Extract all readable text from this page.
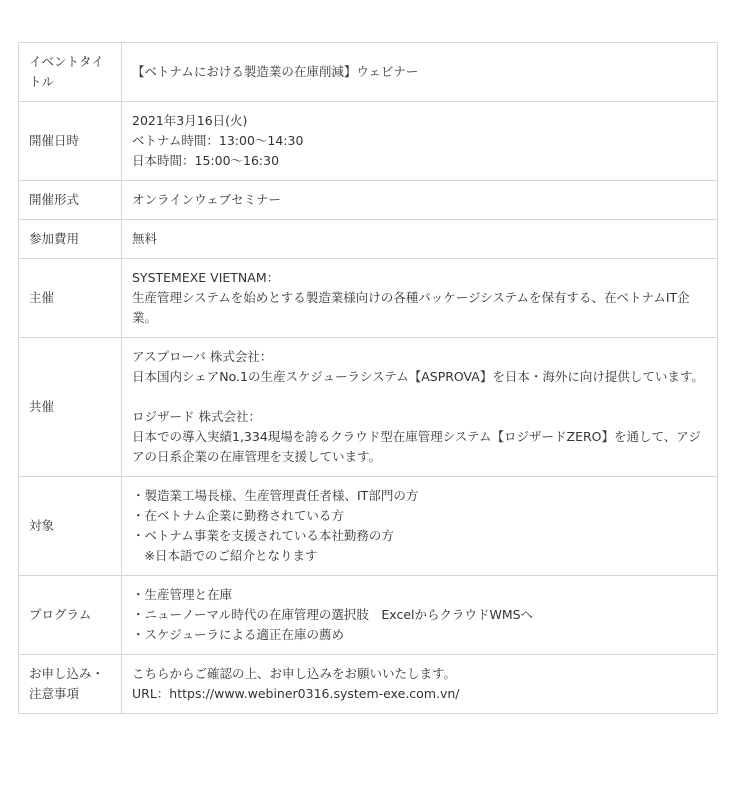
イベントタイトル	【ベトナムにおける製造業の在庫削減】ウェビナー

開催日時	2021年3月16日(火)
ベトナム時間：13:00〜14:30
日本時間：15:00〜16:30

開催形式	オンラインウェブセミナー

参加費用	無料

主催	SYSTEMEXE VIETNAM：
生産管理システムを始めとする製造業様向けの各種パッケージシステムを保有する、在ベトナムIT企業。

共催	アスプローバ 株式会社：
日本国内シェアNo.1の生産スケジューラシステム【ASPROVA】を日本・海外に向け提供しています。
ロジザード 株式会社：
日本での導入実績1,334現場を誇るクラウド型在庫管理システム【ロジザードZERO】を通して、アジアの日系企業の在庫管理を支援しています。

対象	・製造業工場長様、生産管理責任者様、IT部門の方
・在ベトナム企業に勤務されている方
・ベトナム事業を支援されている本社勤務の方
　※日本語でのご紹介となります

プログラム	・生産管理と在庫
・ニューノーマル時代の在庫管理の選択肢　ExcelからクラウドWMSへ
・スケジューラによる適正在庫の薦め

お申し込み・注意事項	こちらからご確認の上、お申し込みをお願いいたします。
URL：https://www.webiner0316.system-exe.com.vn/
